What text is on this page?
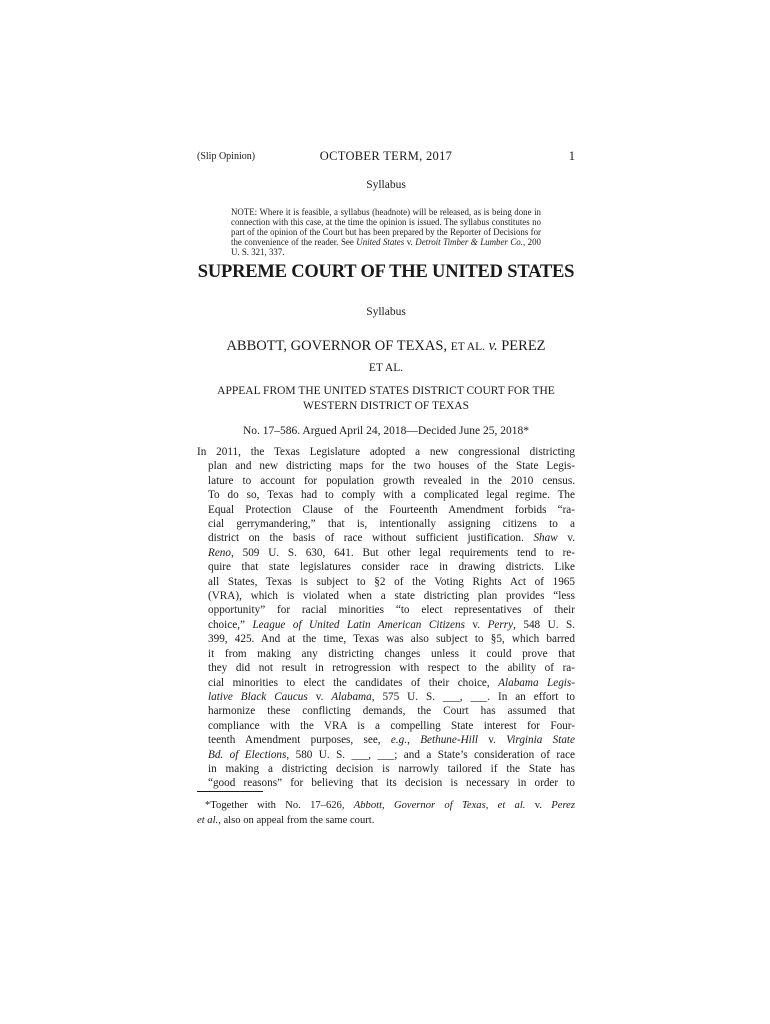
(Slip Opinion)	OCTOBER TERM, 2017	1
Syllabus

NOTE: Where it is feasible, a syllabus (headnote) will be released, as is being done in connection with this case, at the time the opinion is issued. The syllabus constitutes no part of the opinion of the Court but has been prepared by the Reporter of Decisions for the convenience of the reader. See United States v. Detroit Timber & Lumber Co., 200 U. S. 321, 337.

SUPREME COURT OF THE UNITED STATES
Syllabus
ABBOTT, GOVERNOR OF TEXAS, ET AL. v. PEREZ
ET AL.
APPEAL FROM THE UNITED STATES DISTRICT COURT FOR THE
WESTERN DISTRICT OF TEXAS
No. 17–586. Argued April 24, 2018—Decided June 25, 2018*
In 2011, the Texas Legislature adopted a new congressional districting
plan and new districting maps for the two houses of the State Legis-
lature to account for population growth revealed in the 2010 census.
To do so, Texas had to comply with a complicated legal regime. The
Equal Protection Clause of the Fourteenth Amendment forbids “ra-
cial gerrymandering,” that is, intentionally assigning citizens to a
district on the basis of race without sufficient justification. Shaw v.
Reno, 509 U. S. 630, 641. But other legal requirements tend to re-
quire that state legislatures consider race in drawing districts. Like
all States, Texas is subject to §2 of the Voting Rights Act of 1965
(VRA), which is violated when a state districting plan provides “less
opportunity” for racial minorities “to elect representatives of their
choice,” League of United Latin American Citizens v. Perry, 548 U. S.
399, 425. And at the time, Texas was also subject to §5, which barred
it from making any districting changes unless it could prove that
they did not result in retrogression with respect to the ability of ra-
cial minorities to elect the candidates of their choice, Alabama Legis-
lative Black Caucus v. Alabama, 575 U. S. ___, ___. In an effort to
harmonize these conflicting demands, the Court has assumed that
compliance with the VRA is a compelling State interest for Four-
teenth Amendment purposes, see, e.g., Bethune-Hill v. Virginia State
Bd. of Elections, 580 U. S. ___, ___; and a State’s consideration of race
in making a districting decision is narrowly tailored if the State has
“good reasons” for believing that its decision is necessary in order to
*Together with No. 17–626, Abbott, Governor of Texas, et al. v. Perez
et al., also on appeal from the same court.
